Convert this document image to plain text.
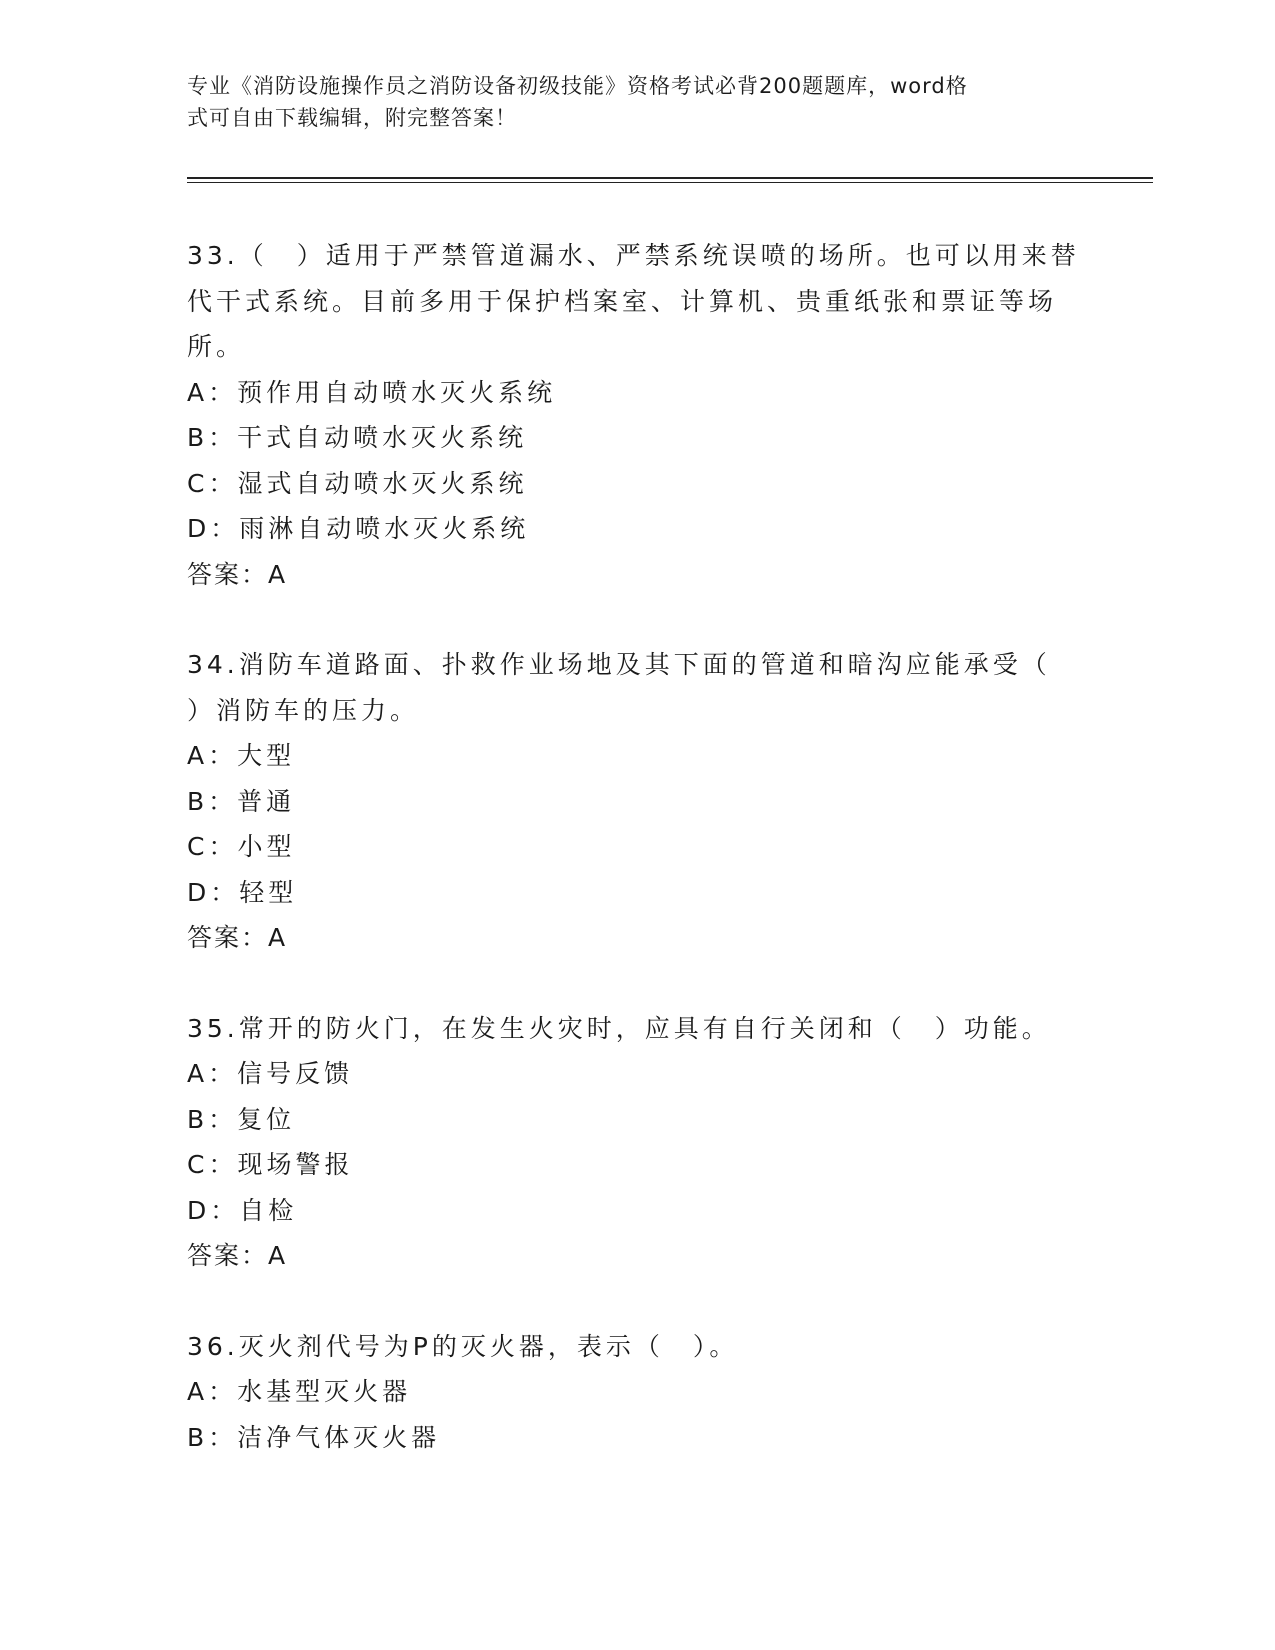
专业《消防设施操作员之消防设备初级技能》资格考试必背200题题库，word格
式可自由下载编辑，附完整答案！
33.（　）适用于严禁管道漏水、严禁系统误喷的场所。也可以用来替
代干式系统。目前多用于保护档案室、计算机、贵重纸张和票证等场
所。
A：预作用自动喷水灭火系统
B：干式自动喷水灭火系统
C：湿式自动喷水灭火系统
D：雨淋自动喷水灭火系统
答案：A
34.消防车道路面、扑救作业场地及其下面的管道和暗沟应能承受（
）消防车的压力。
A：大型
B：普通
C：小型
D：轻型
答案：A
35.常开的防火门，在发生火灾时，应具有自行关闭和（　）功能。
A：信号反馈
B：复位
C：现场警报
D：自检
答案：A
36.灭火剂代号为P的灭火器，表示（　）。
A：水基型灭火器
B：洁净气体灭火器
